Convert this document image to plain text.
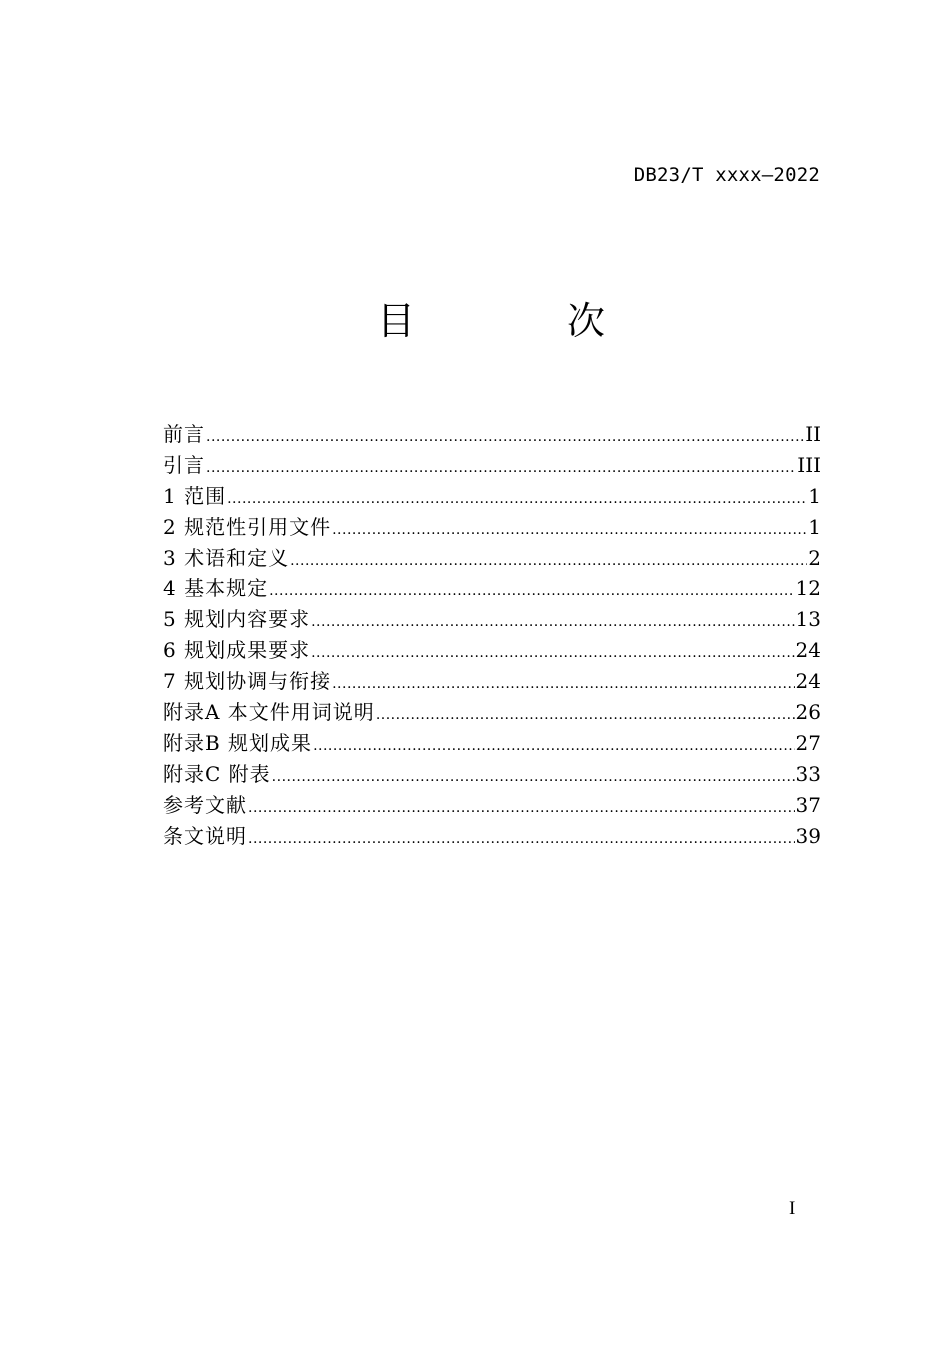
DB23/T xxxx—2022
目 次
前言 .....	II
引言 .....	III
1 范围 .....	1
2 规范性引用文件 .....	1
3 术语和定义 .....	2
4 基本规定 .....	12
5 规划内容要求 .....	13
6 规划成果要求 .....	24
7 规划协调与衔接 .....	24
附录A 本文件用词说明 .....	26
附录B 规划成果 .....	27
附录C 附表 .....	33
参考文献 .....	37
条文说明 .....	39
I
